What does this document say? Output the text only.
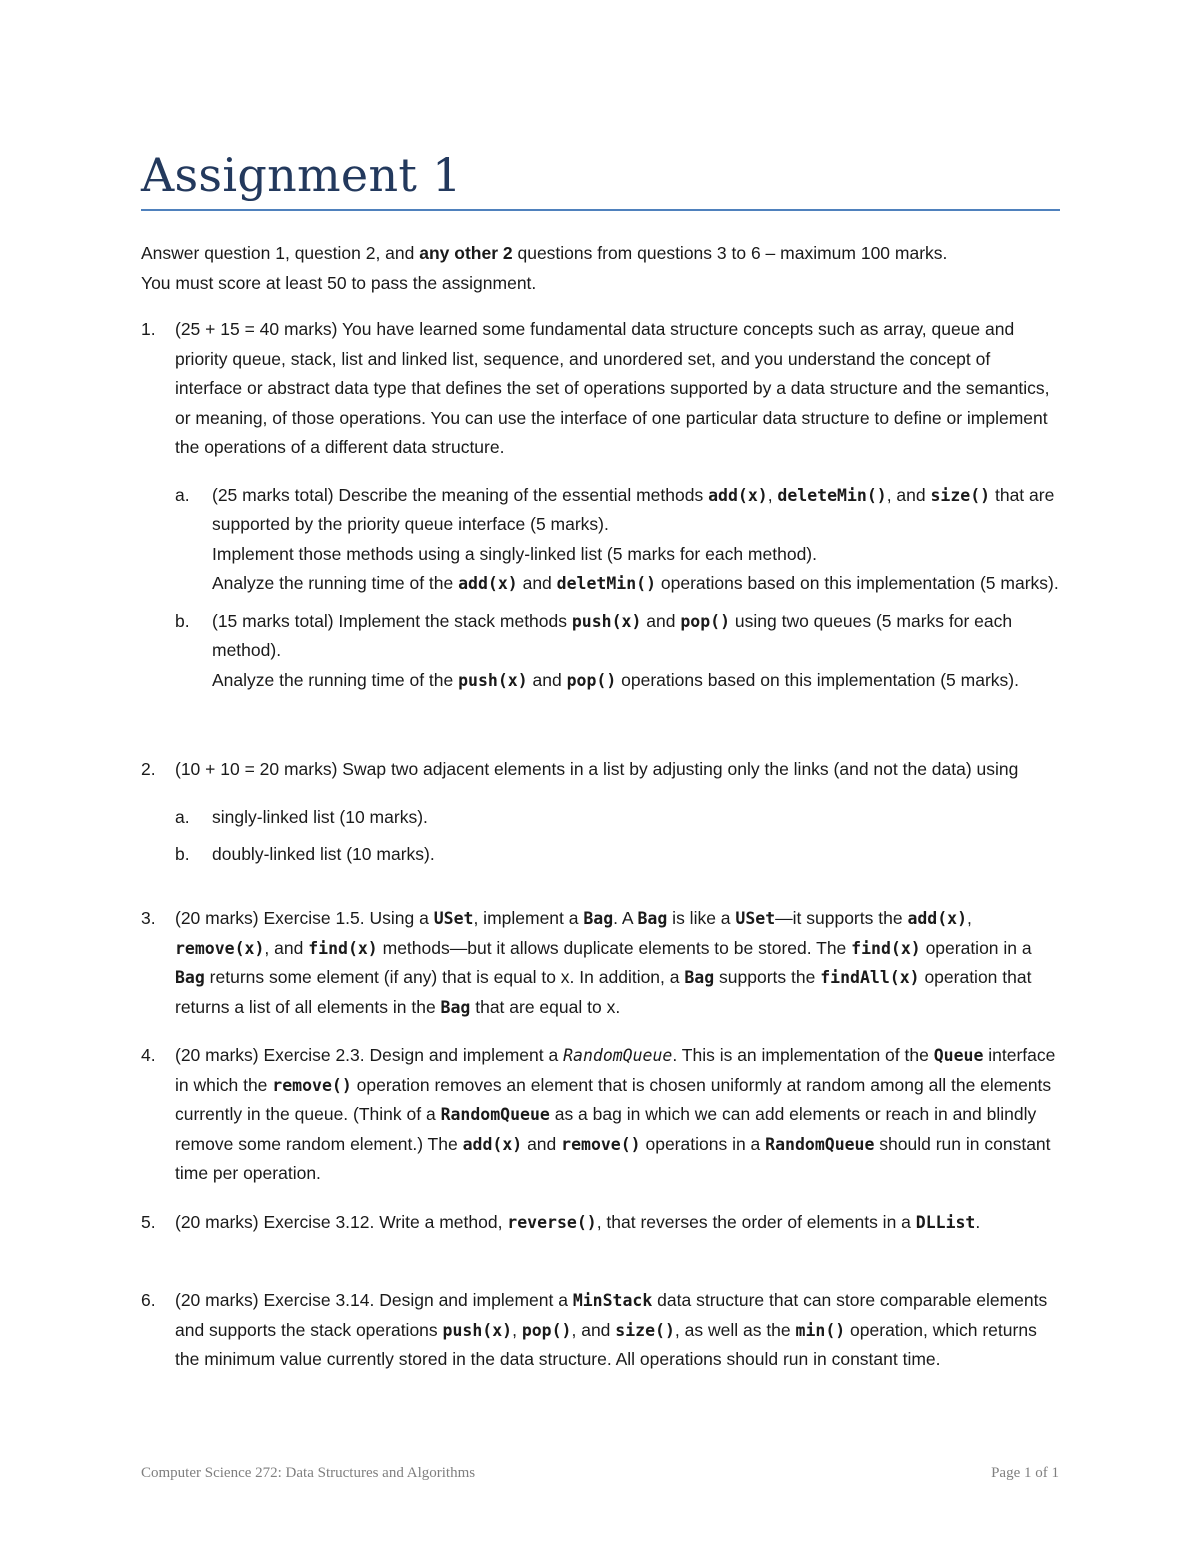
Assignment 1
Answer question 1, question 2, and any other 2 questions from questions 3 to 6 – maximum 100 marks.
You must score at least 50 to pass the assignment.
1.	(25 + 15 = 40 marks) You have learned some fundamental data structure concepts such as array, queue and priority queue, stack, list and linked list, sequence, and unordered set, and you understand the concept of interface or abstract data type that defines the set of operations supported by a data structure and the semantics, or meaning, of those operations. You can use the interface of one particular data structure to define or implement the operations of a different data structure.
a. (25 marks total) Describe the meaning of the essential methods add(x), deleteMin(), and size() that are supported by the priority queue interface (5 marks).
Implement those methods using a singly-linked list (5 marks for each method).
Analyze the running time of the add(x) and deletMin() operations based on this implementation (5 marks).
b. (15 marks total) Implement the stack methods push(x) and pop() using two queues (5 marks for each method).
Analyze the running time of the push(x) and pop() operations based on this implementation (5 marks).
2.	(10 + 10 = 20 marks) Swap two adjacent elements in a list by adjusting only the links (and not the data) using
a. singly-linked list (10 marks).
b. doubly-linked list (10 marks).
3.	(20 marks) Exercise 1.5. Using a USet, implement a Bag. A Bag is like a USet—it supports the add(x), remove(x), and find(x) methods—but it allows duplicate elements to be stored. The find(x) operation in a Bag returns some element (if any) that is equal to x. In addition, a Bag supports the findAll(x) operation that returns a list of all elements in the Bag that are equal to x.
4.	(20 marks) Exercise 2.3. Design and implement a RandomQueue. This is an implementation of the Queue interface in which the remove() operation removes an element that is chosen uniformly at random among all the elements currently in the queue. (Think of a RandomQueue as a bag in which we can add elements or reach in and blindly remove some random element.) The add(x) and remove() operations in a RandomQueue should run in constant time per operation.
5.	(20 marks) Exercise 3.12. Write a method, reverse(), that reverses the order of elements in a DLList.
6.	(20 marks) Exercise 3.14. Design and implement a MinStack data structure that can store comparable elements and supports the stack operations push(x), pop(), and size(), as well as the min() operation, which returns the minimum value currently stored in the data structure. All operations should run in constant time.
Computer Science 272: Data Structures and Algorithms	Page 1 of 1
